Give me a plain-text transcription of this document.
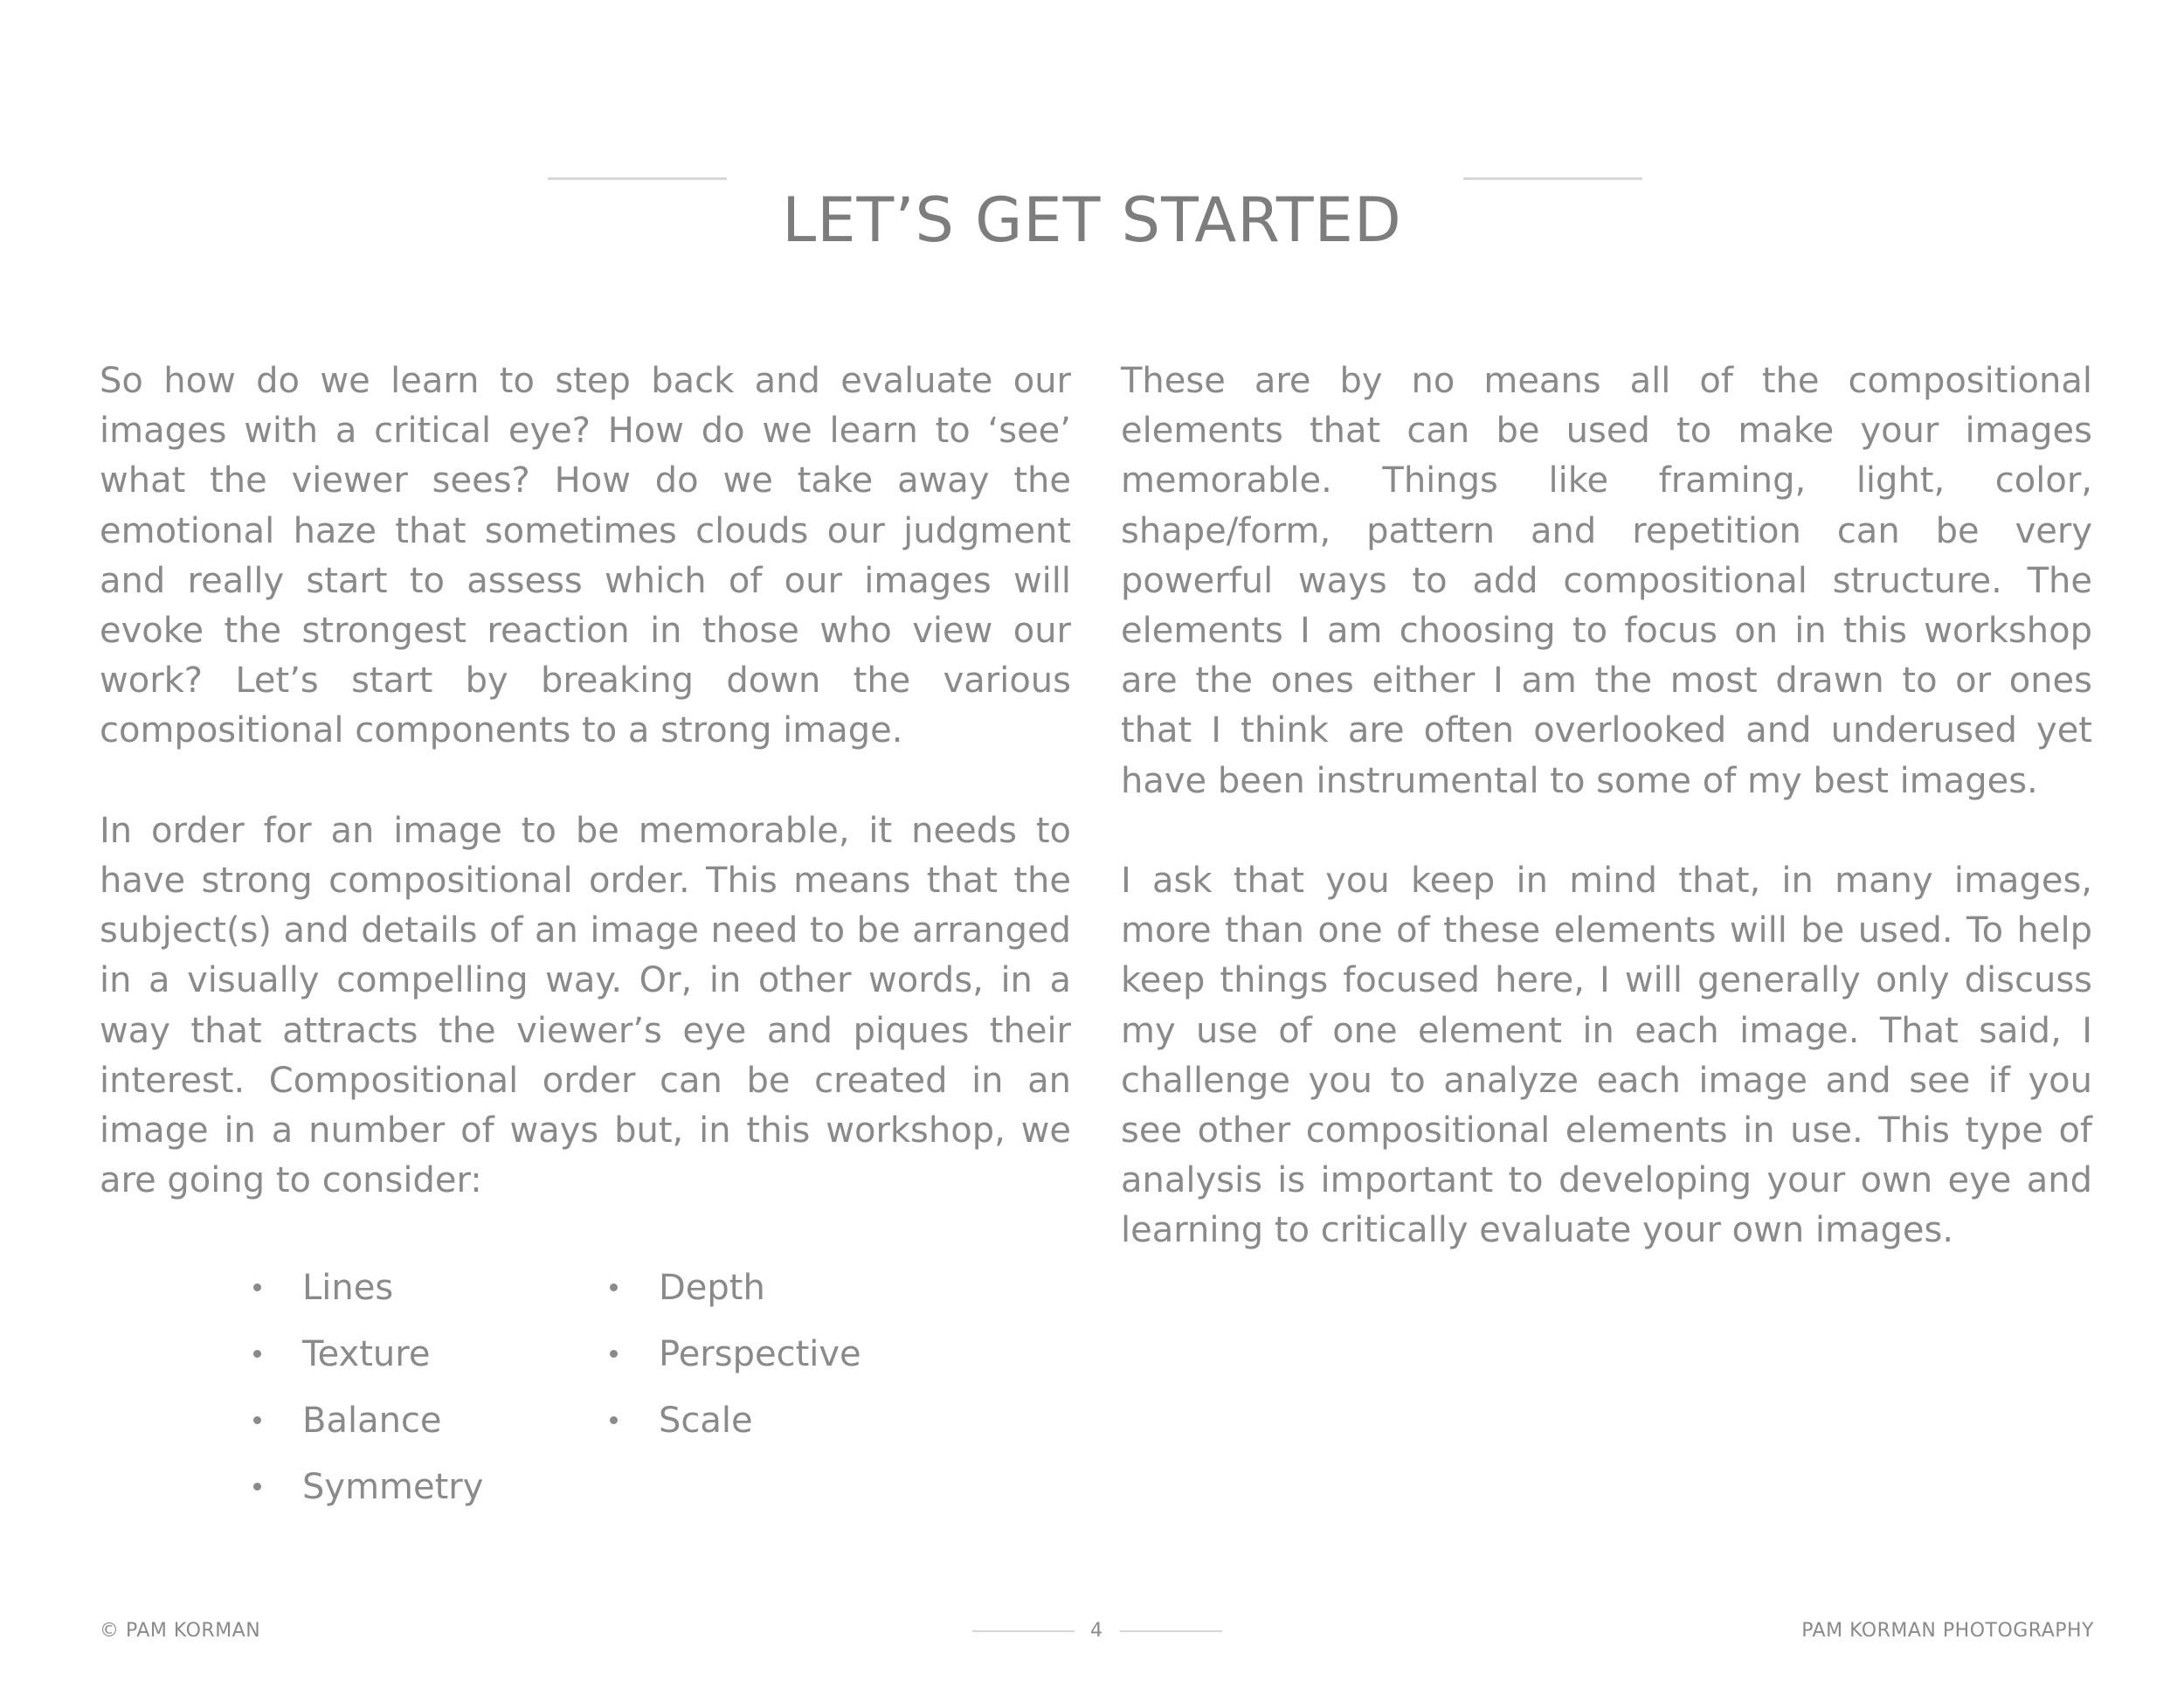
LET’S GET STARTED

So how do we learn to step back and evaluate our images with a critical eye? How do we learn to ‘see’ what the viewer sees? How do we take away the emotional haze that sometimes clouds our judgment and really start to assess which of our images will evoke the strongest reaction in those who view our work? Let’s start by breaking down the various compositional components to a strong image.

In order for an image to be memorable, it needs to have strong compositional order. This means that the subject(s) and details of an image need to be arranged in a visually compelling way. Or, in other words, in a way that attracts the viewer’s eye and piques their interest. Compositional order can be created in an image in a number of ways but, in this workshop, we are going to consider:

Lines
Texture
Balance
Symmetry
Depth
Perspective
Scale

These are by no means all of the compositional elements that can be used to make your images memorable. Things like framing, light, color, shape/form, pattern and repetition can be very powerful ways to add compositional structure. The elements I am choosing to focus on in this workshop are the ones either I am the most drawn to or ones that I think are often overlooked and underused yet have been instrumental to some of my best images.

I ask that you keep in mind that, in many images, more than one of these elements will be used. To help keep things focused here, I will generally only discuss my use of one element in each image. That said, I challenge you to analyze each image and see if you see other compositional elements in use. This type of analysis is important to developing your own eye and learning to critically evaluate your own images.

© PAM KORMAN	4	PAM KORMAN PHOTOGRAPHY
